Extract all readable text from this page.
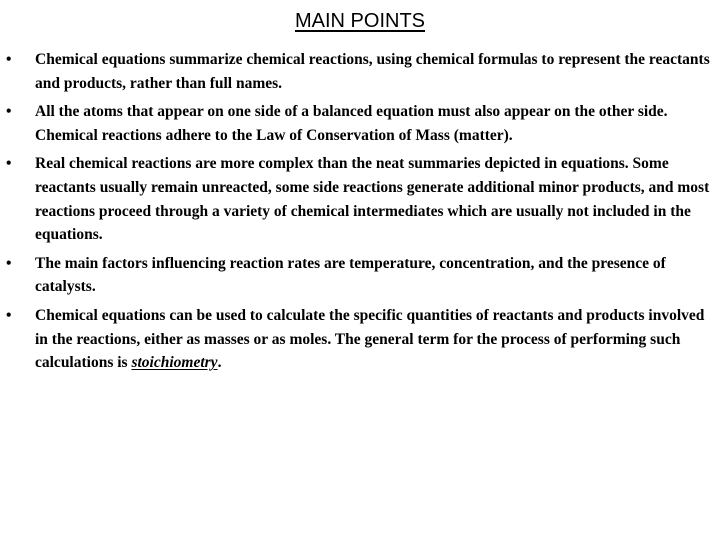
MAIN POINTS
• Chemical equations summarize chemical reactions, using chemical formulas to represent the reactants and products, rather than full names.
• All the atoms that appear on one side of a balanced equation must also appear on the other side. Chemical reactions adhere to the Law of Conservation of Mass (matter).
• Real chemical reactions are more complex than the neat summaries depicted in equations. Some reactants usually remain unreacted, some side reactions generate additional minor products, and most reactions proceed through a variety of chemical intermediates which are usually not included in the equations.
• The main factors influencing reaction rates are temperature, concentration, and the presence of catalysts.
• Chemical equations can be used to calculate the specific quantities of reactants and products involved in the reactions, either as masses or as moles. The general term for the process of performing such calculations is stoichiometry.
